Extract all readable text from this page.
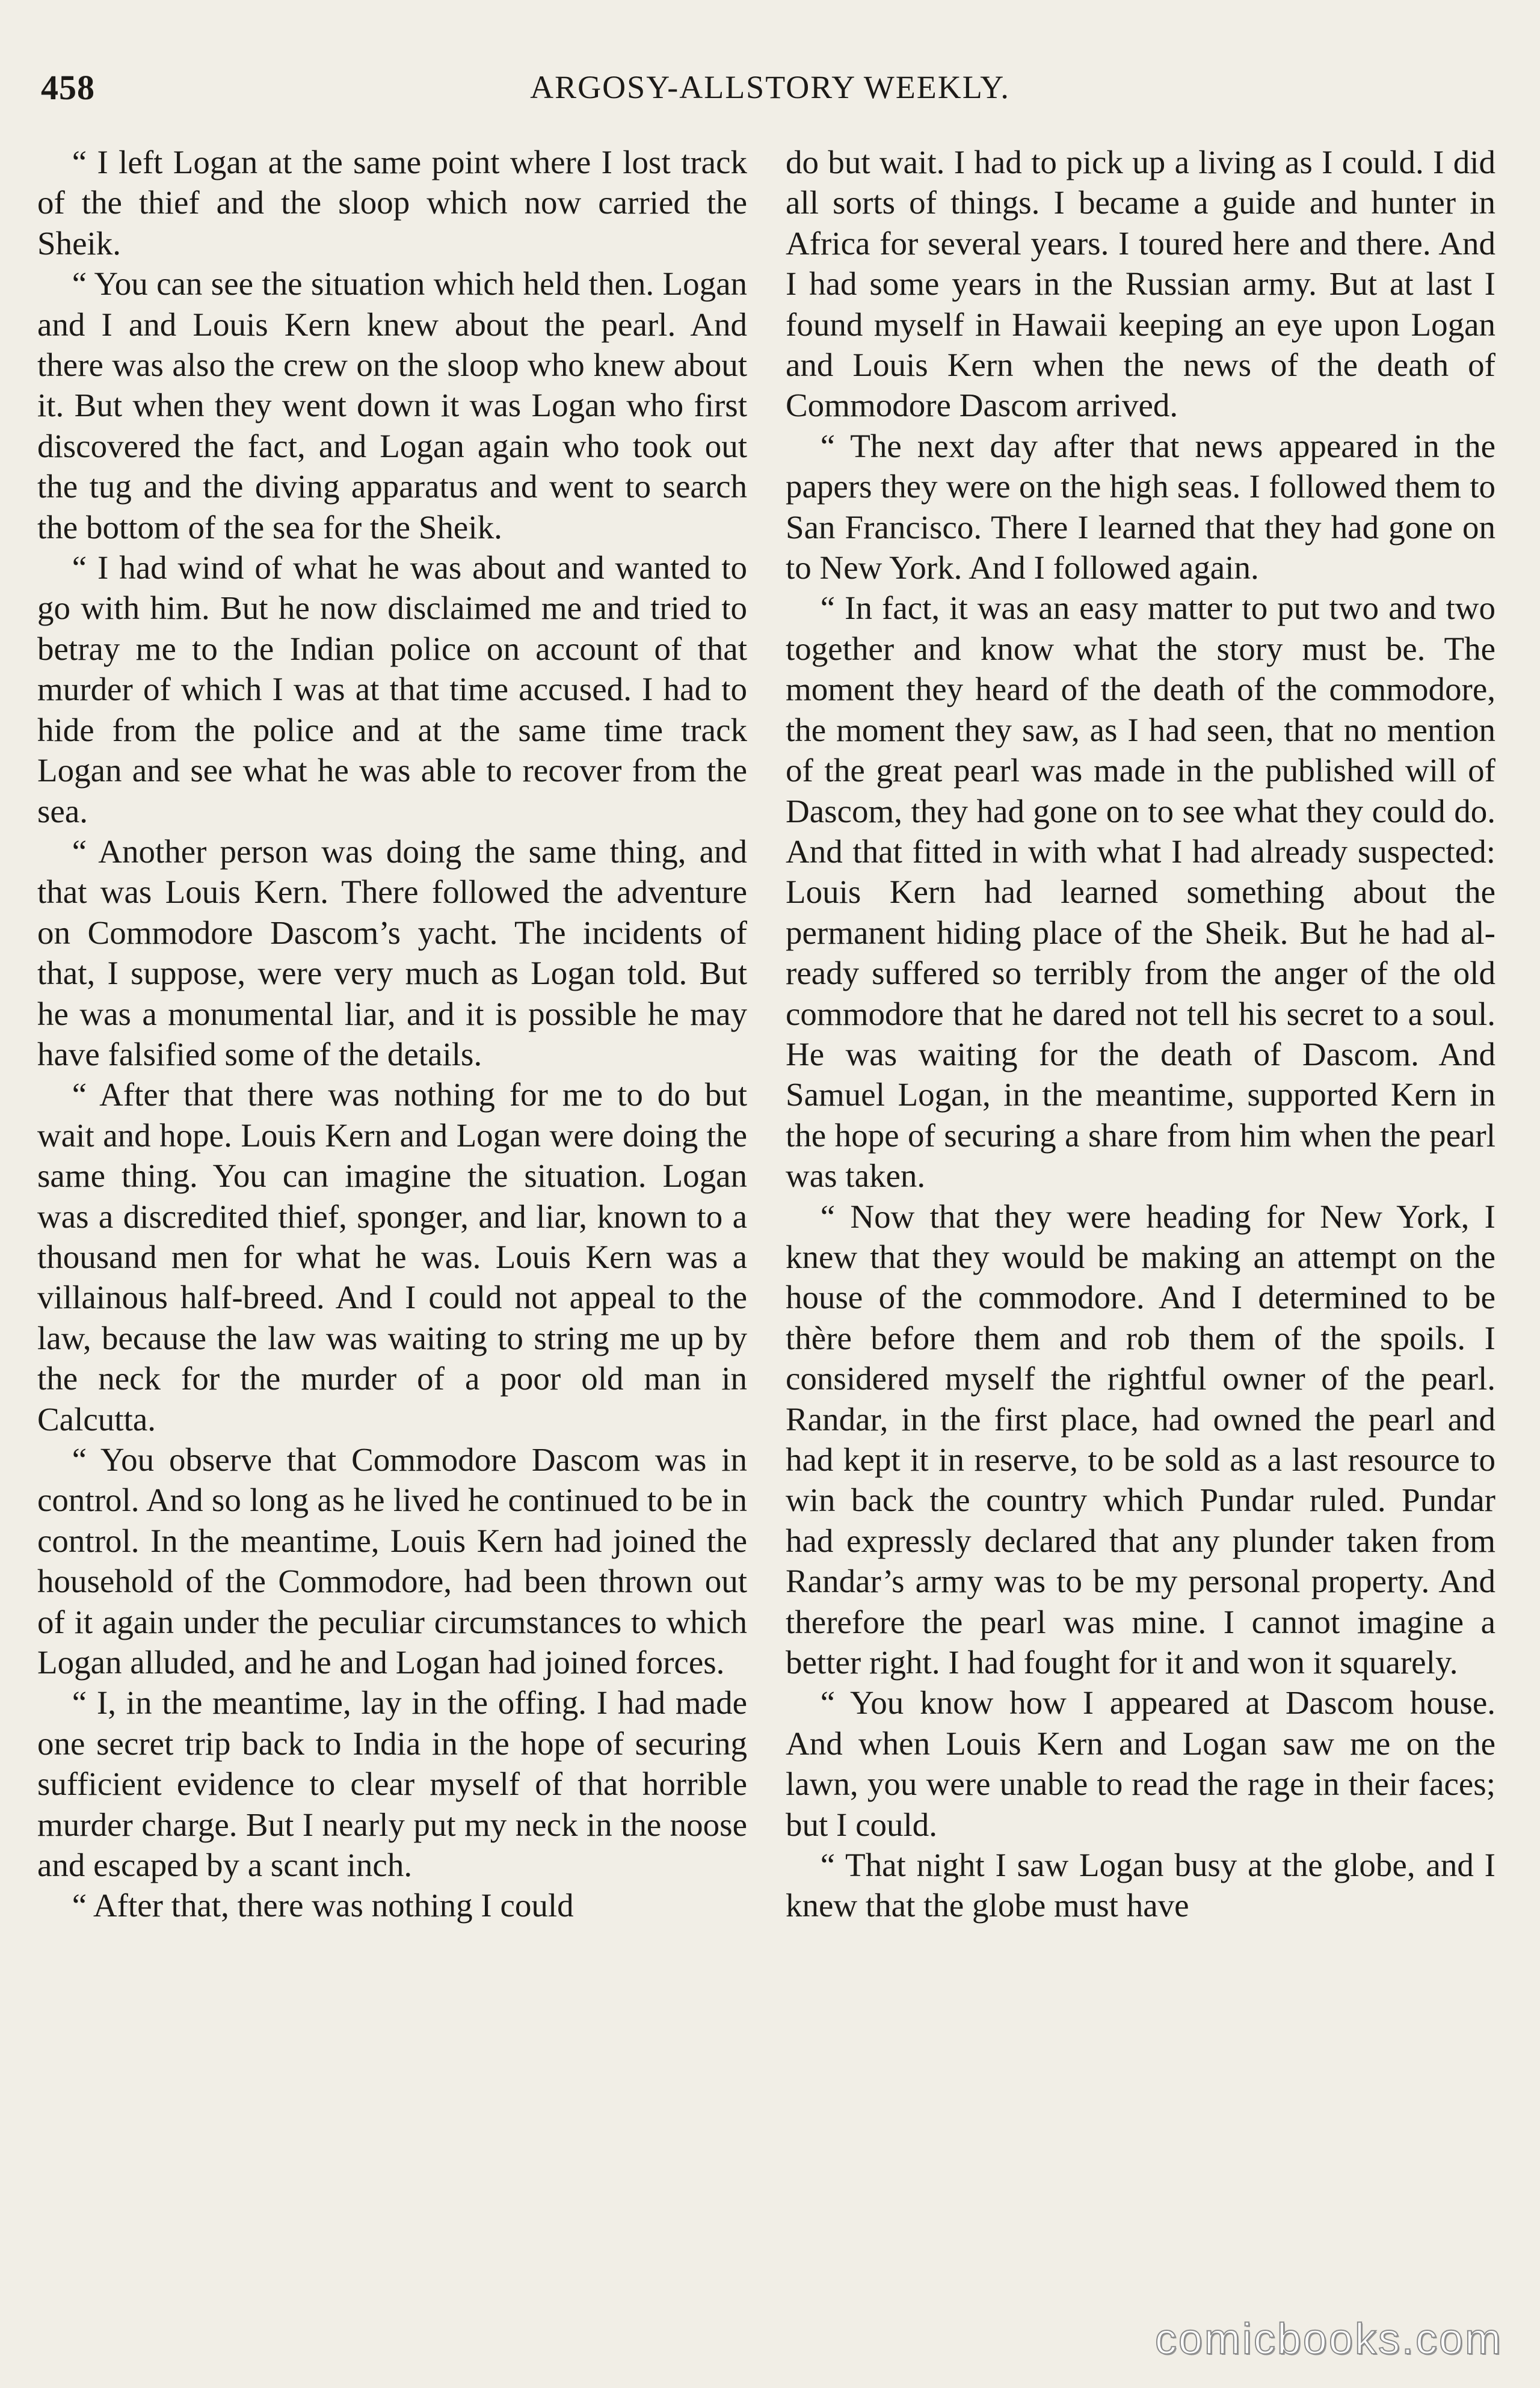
458	ARGOSY-ALLSTORY WEEKLY.

“ I left Logan at the same point where I lost track of the thief and the sloop which now carried the Sheik.

“ You can see the situation which held then. Logan and I and Louis Kern knew about the pearl. And there was also the crew on the sloop who knew about it. But when they went down it was Logan who first discovered the fact, and Logan again who took out the tug and the diving apparatus and went to search the bottom of the sea for the Sheik.

“ I had wind of what he was about and wanted to go with him. But he now disclaimed me and tried to betray me to the Indian police on account of that murder of which I was at that time accused. I had to hide from the police and at the same time track Logan and see what he was able to recover from the sea.

“ Another person was doing the same thing, and that was Louis Kern. There followed the adventure on Commodore Dascom’s yacht. The incidents of that, I suppose, were very much as Logan told. But he was a monumental liar, and it is possible he may have falsified some of the details.

“ After that there was nothing for me to do but wait and hope. Louis Kern and Logan were doing the same thing. You can imagine the situation. Logan was a discredited thief, sponger, and liar, known to a thousand men for what he was. Louis Kern was a villainous half-breed. And I could not appeal to the law, because the law was waiting to string me up by the neck for the murder of a poor old man in Calcutta.

“ You observe that Commodore Dascom was in control. And so long as he lived he continued to be in control. In the meantime, Louis Kern had joined the household of the Commodore, had been thrown out of it again under the peculiar circumstances to which Logan alluded, and he and Logan had joined forces.

“ I, in the meantime, lay in the offing. I had made one secret trip back to India in the hope of securing sufficient evidence to clear myself of that horrible murder charge. But I nearly put my neck in the noose and escaped by a scant inch.

“ After that, there was nothing I could

do but wait. I had to pick up a living as I could. I did all sorts of things. I became a guide and hunter in Africa for several years. I toured here and there. And I had some years in the Russian army. But at last I found myself in Hawaii keeping an eye upon Logan and Louis Kern when the news of the death of Commodore Dascom arrived.

“ The next day after that news appeared in the papers they were on the high seas. I followed them to San Francisco. There I learned that they had gone on to New York. And I followed again.

“ In fact, it was an easy matter to put two and two together and know what the story must be. The moment they heard of the death of the commodore, the moment they saw, as I had seen, that no mention of the great pearl was made in the published will of Dascom, they had gone on to see what they could do. And that fitted in with what I had already suspected: Louis Kern had learned something about the permanent hiding place of the Sheik. But he had already suffered so terribly from the anger of the old commodore that he dared not tell his secret to a soul. He was waiting for the death of Dascom. And Samuel Logan, in the meantime, supported Kern in the hope of securing a share from him when the pearl was taken.

“ Now that they were heading for New York, I knew that they would be making an attempt on the house of the commodore. And I determined to be thère before them and rob them of the spoils. I considered myself the rightful owner of the pearl. Randar, in the first place, had owned the pearl and had kept it in reserve, to be sold as a last resource to win back the country which Pundar ruled. Pundar had expressly declared that any plunder taken from Randar’s army was to be my personal property. And therefore the pearl was mine. I cannot imagine a better right. I had fought for it and won it squarely.

“ You know how I appeared at Dascom house. And when Louis Kern and Logan saw me on the lawn, you were unable to read the rage in their faces; but I could.

“ That night I saw Logan busy at the globe, and I knew that the globe must have

comicbooks.com
